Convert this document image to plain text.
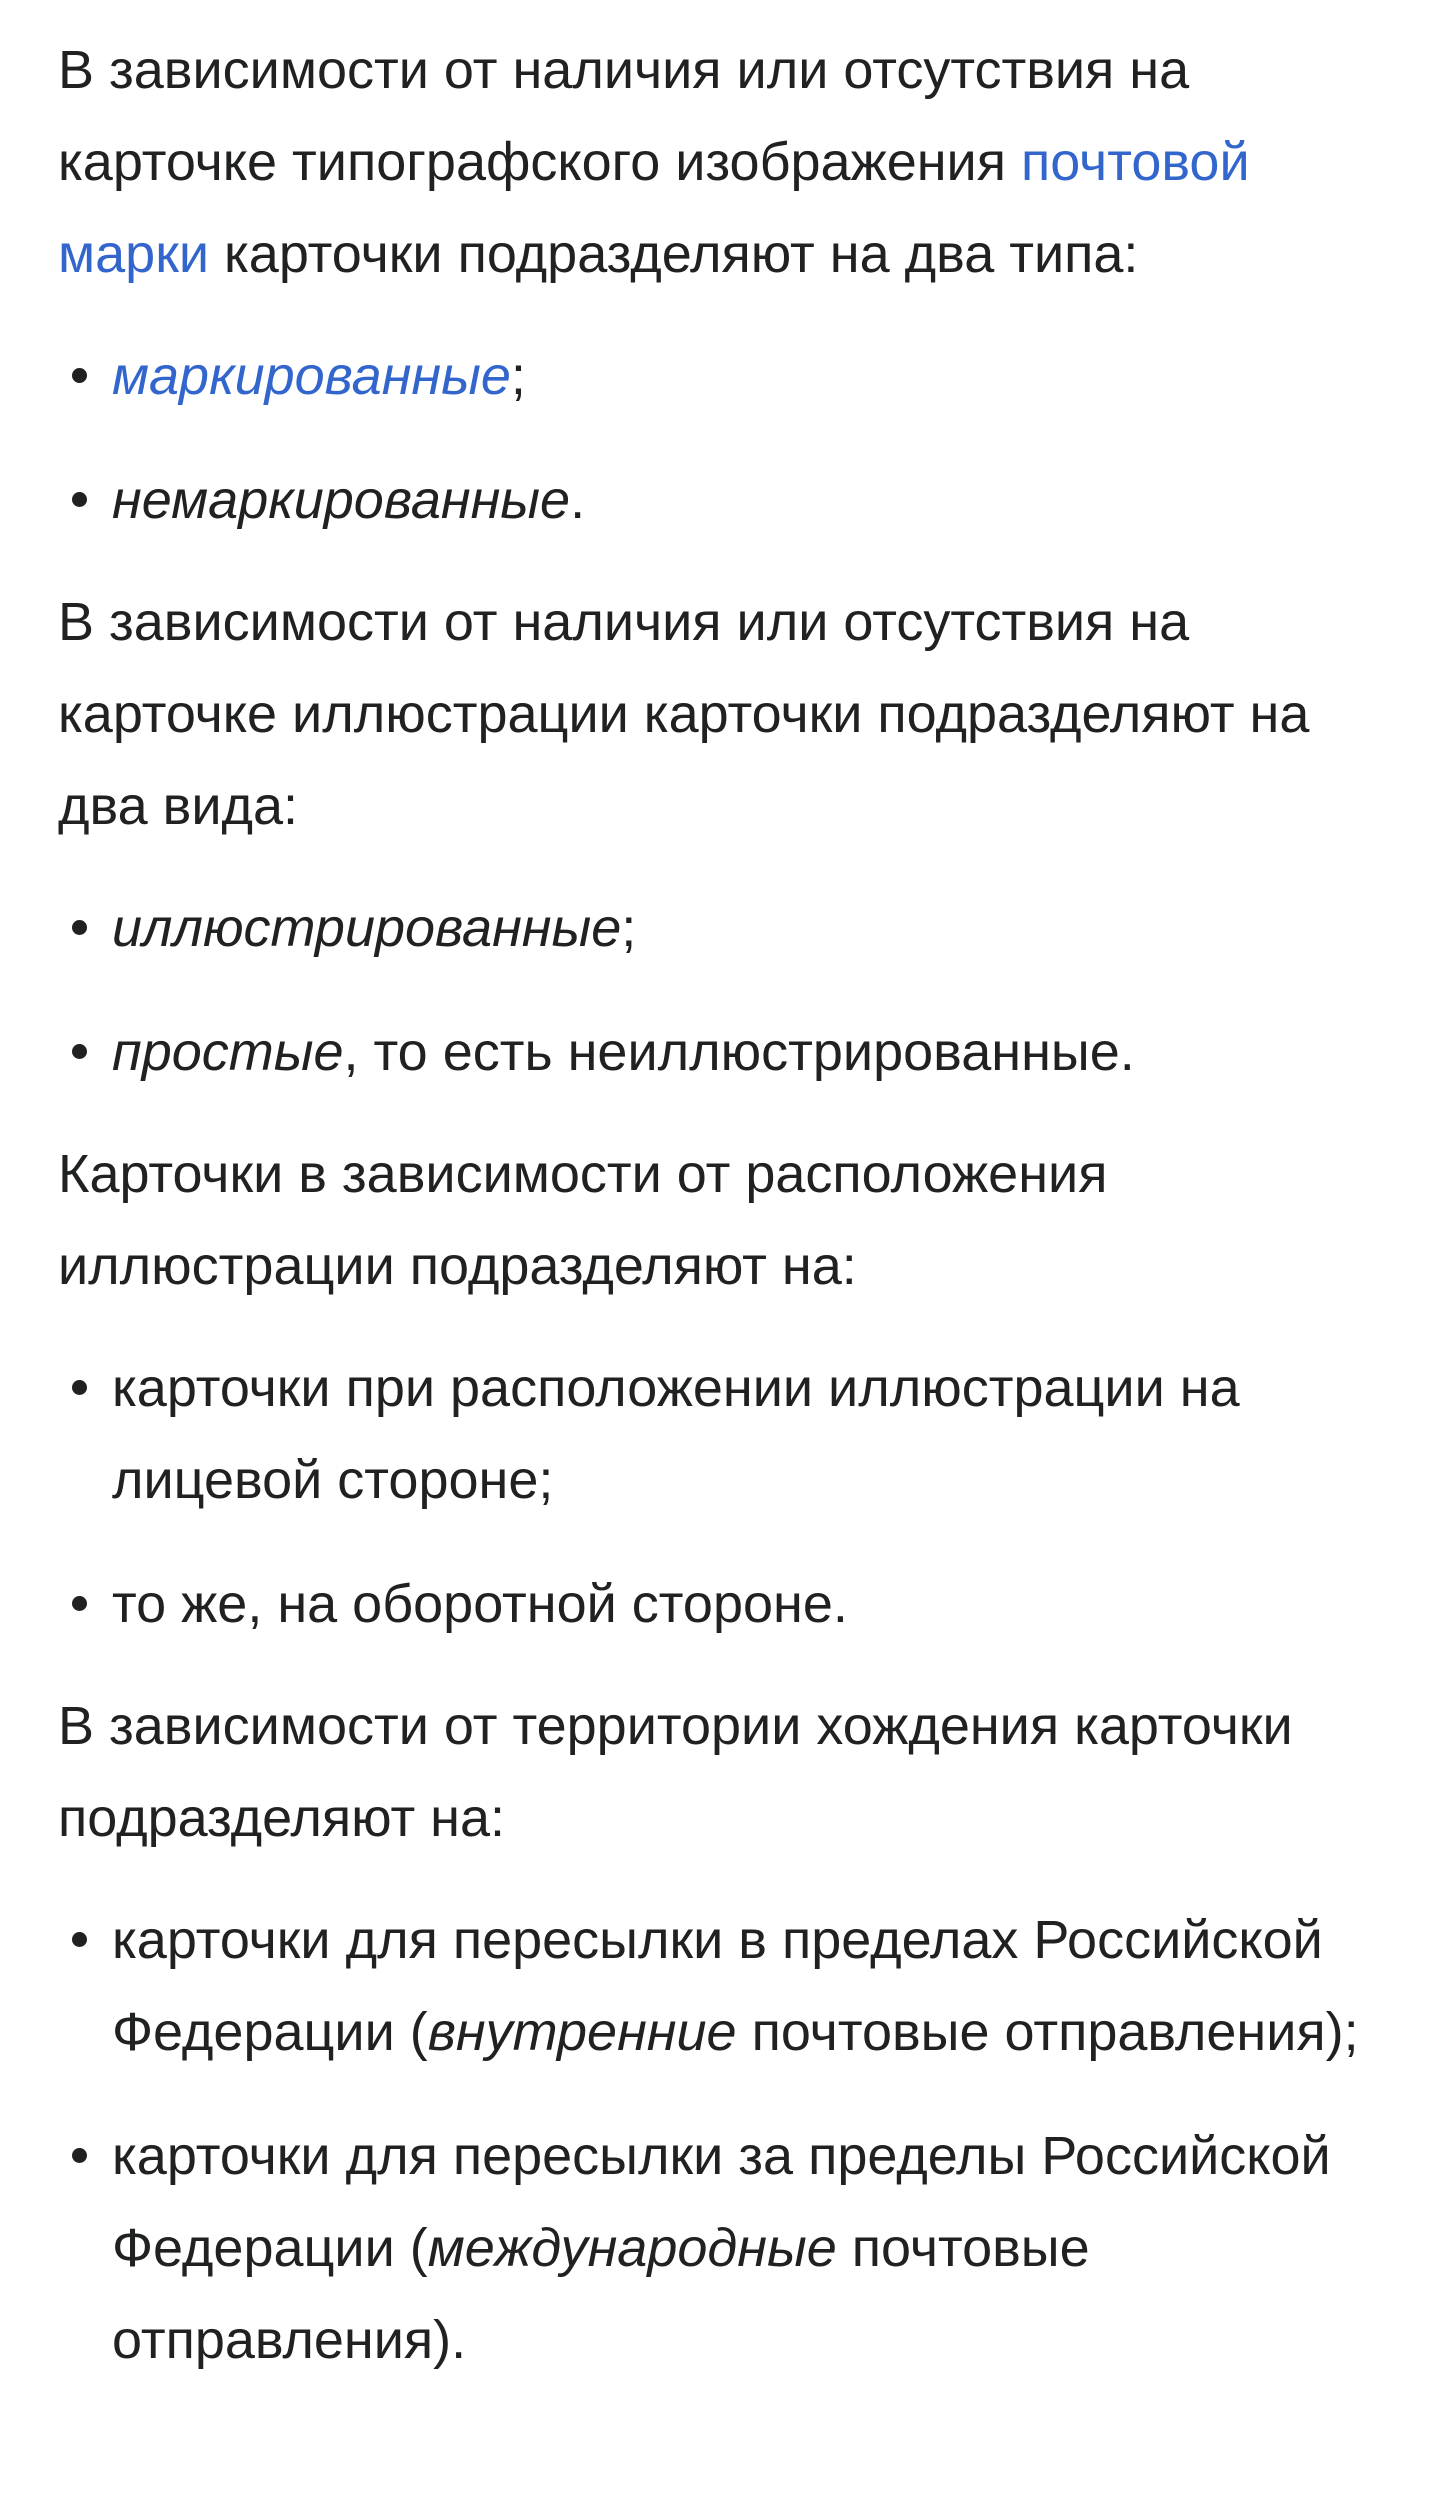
В зависимости от наличия или отсутствия на карточке типографского изображения почтовой марки карточки подразделяют на два типа:

маркированные;
немаркированные.

В зависимости от наличия или отсутствия на карточке иллюстрации карточки подразделяют на два вида:

иллюстрированные;
простые, то есть неиллюстрированные.

Карточки в зависимости от расположения иллюстрации подразделяют на:

карточки при расположении иллюстрации на лицевой стороне;
то же, на оборотной стороне.

В зависимости от территории хождения карточки подразделяют на:

карточки для пересылки в пределах Российской Федерации (внутренние почтовые отправления);
карточки для пересылки за пределы Российской Федерации (международные почтовые отправления).
